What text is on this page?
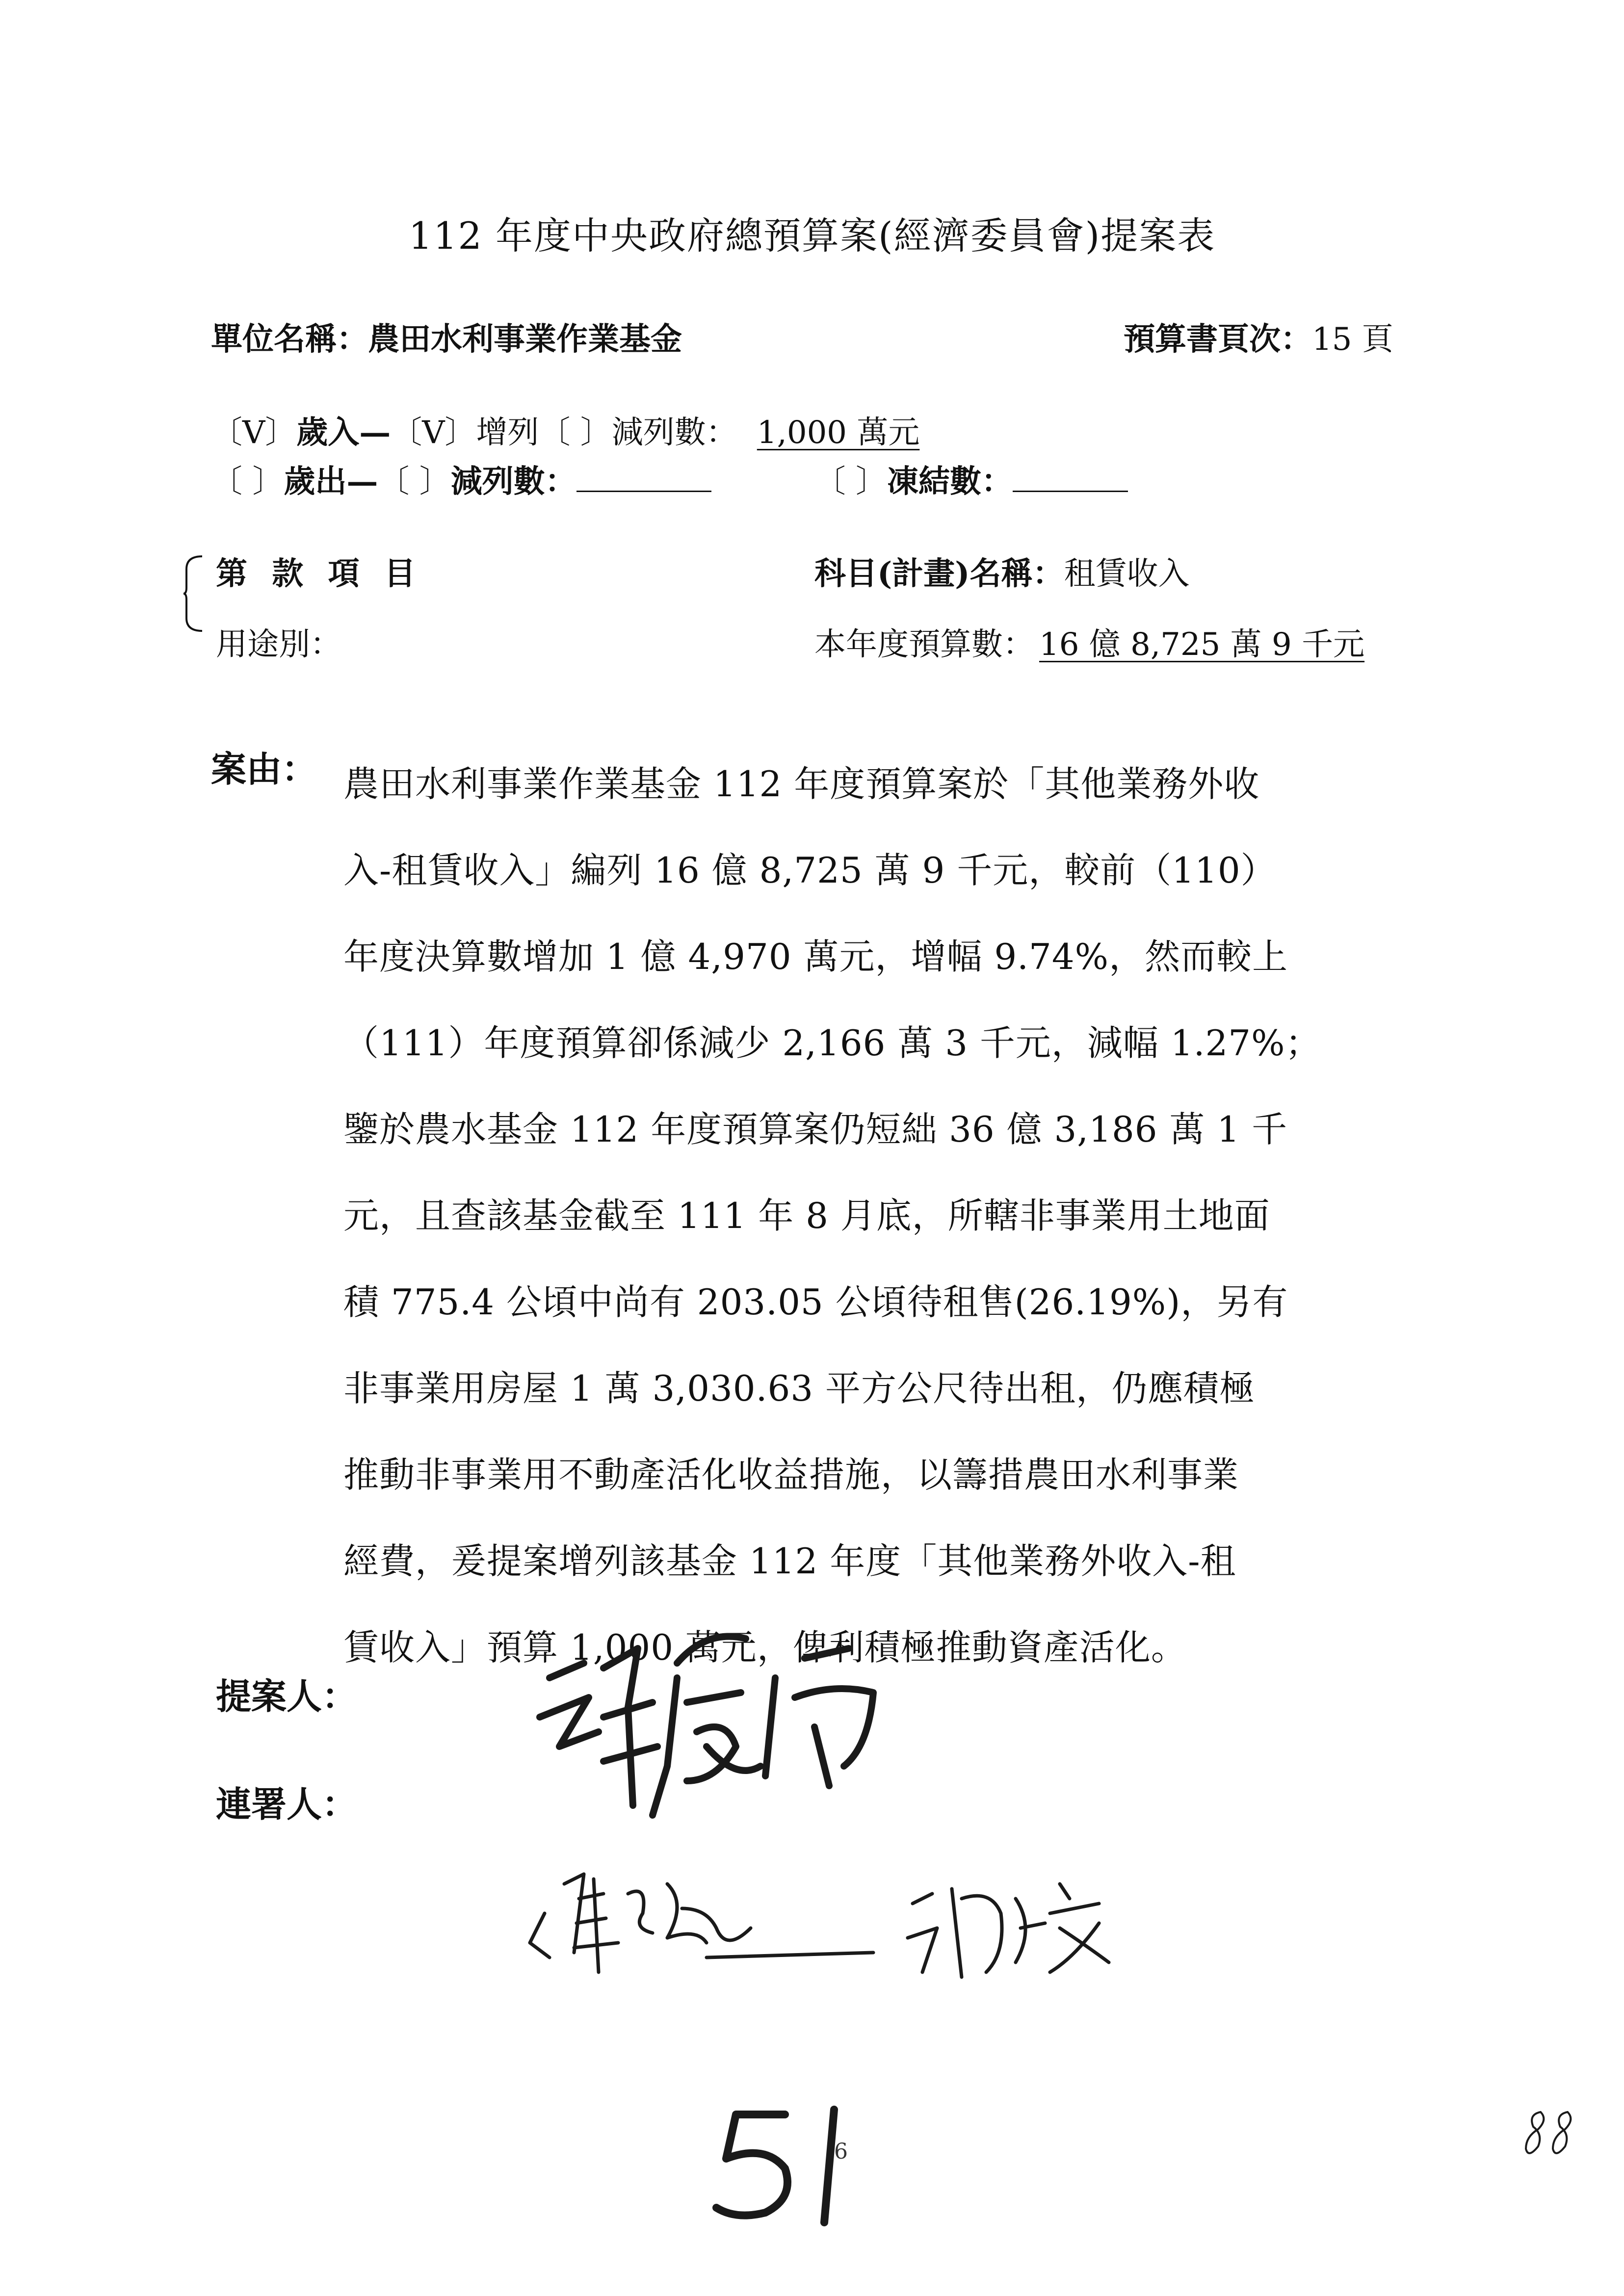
112 年度中央政府總預算案(經濟委員會)提案表
單位名稱：農田水利事業作業基金	預算書頁次：15 頁
〔V〕歲入—〔V〕增列〔 〕減列數： 1,000 萬元
〔 〕歲出—〔 〕減列數：	〔 〕凍結數：
第 款 項 目
用途別：
科目(計畫)名稱：租賃收入
本年度預算數： 16 億 8,725 萬 9 千元
案由： 農田水利事業作業基金 112 年度預算案於「其他業務外收
入-租賃收入」編列 16 億 8,725 萬 9 千元，較前（110）
年度決算數增加 1 億 4,970 萬元，增幅 9.74%，然而較上
（111）年度預算卻係減少 2,166 萬 3 千元，減幅 1.27%；
鑒於農水基金 112 年度預算案仍短絀 36 億 3,186 萬 1 千
元，且查該基金截至 111 年 8 月底，所轄非事業用土地面
積 775.4 公頃中尚有 203.05 公頃待租售(26.19%)，另有
非事業用房屋 1 萬 3,030.63 平方公尺待出租，仍應積極
推動非事業用不動產活化收益措施，以籌措農田水利事業
經費，爰提案增列該基金 112 年度「其他業務外收入-租
賃收入」預算 1,000 萬元，俾利積極推動資產活化。
提案人：
連署人：
6
